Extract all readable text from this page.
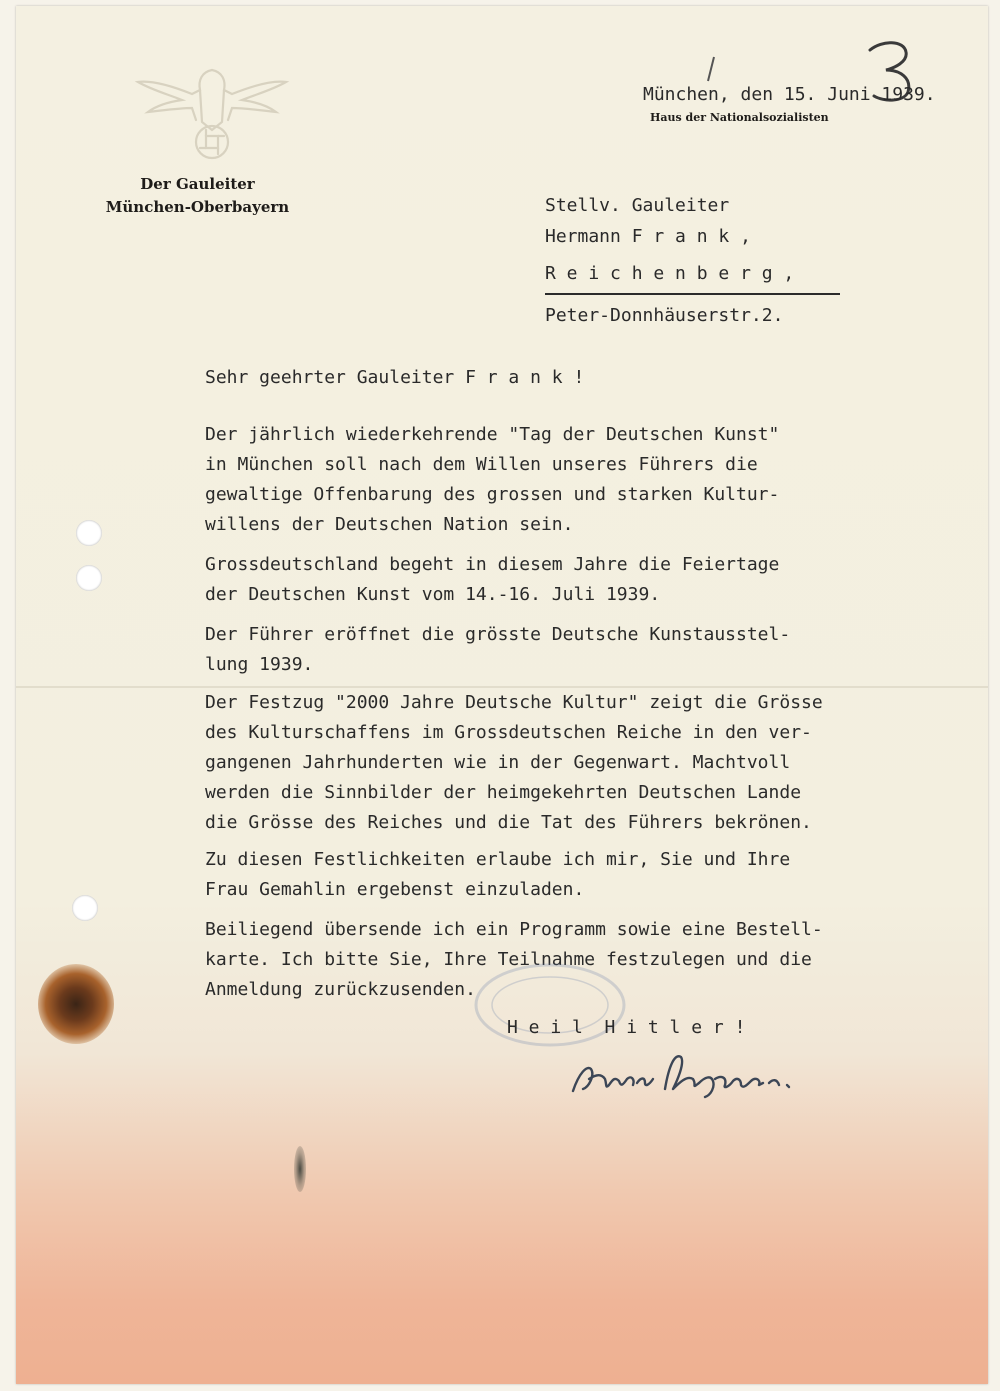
Der Gauleiter
München-Oberbayern
München, den 15. Juni 1939.
Haus der Nationalsozialisten
Stellv. Gauleiter
Hermann F r a n k ,
R e i c h e n b e r g ,
Peter-Donnhäuserstr.2.
Sehr geehrter Gauleiter F r a n k !
Der jährlich wiederkehrende "Tag der Deutschen Kunst"
in München soll nach dem Willen unseres Führers die
gewaltige Offenbarung des grossen und starken Kultur-
willens der Deutschen Nation sein.
Grossdeutschland begeht in diesem Jahre die Feiertage
der Deutschen Kunst vom 14.-16. Juli 1939.
Der Führer eröffnet die grösste Deutsche Kunstausstel-
lung 1939.
Der Festzug "2000 Jahre Deutsche Kultur" zeigt die Grösse
des Kulturschaffens im Grossdeutschen Reiche in den ver-
gangenen Jahrhunderten wie in der Gegenwart. Machtvoll
werden die Sinnbilder der heimgekehrten Deutschen Lande
die Grösse des Reiches und die Tat des Führers bekrönen.
Zu diesen Festlichkeiten erlaube ich mir, Sie und Ihre
Frau Gemahlin ergebenst einzuladen.
Beiliegend übersende ich ein Programm sowie eine Bestell-
karte. Ich bitte Sie, Ihre Teilnahme festzulegen und die
Anmeldung zurückzusenden.
H e i l  H i t l e r !
